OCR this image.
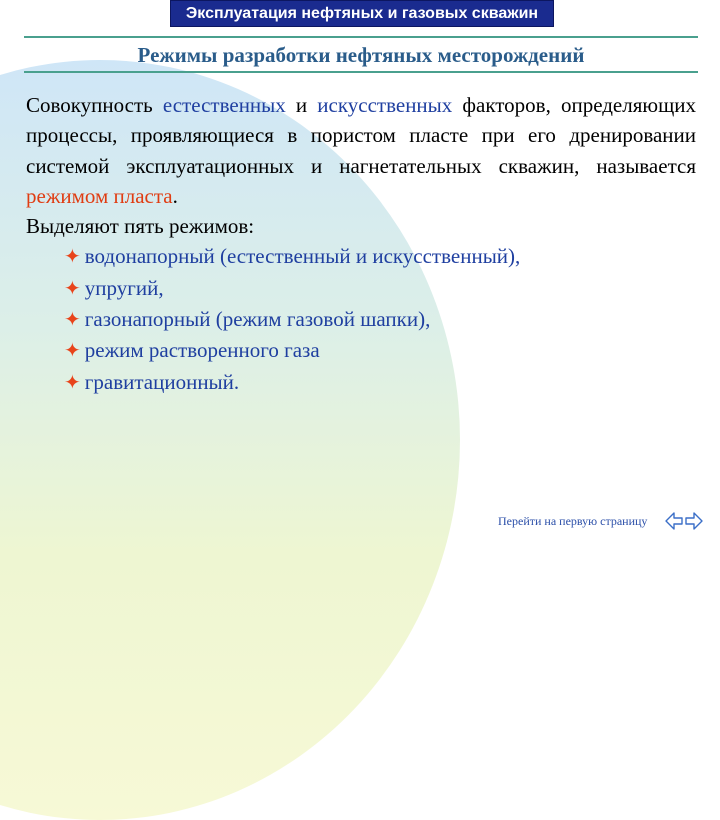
Эксплуатация нефтяных и газовых скважин
Режимы разработки нефтяных месторождений

Совокупность естественных и искусственных факторов, определяющих процессы, проявляющиеся в пористом пласте при его дренировании системой эксплуатационных и нагнетательных скважин, называется режимом пласта.

Выделяют пять режимов:

✦ водонапорный (естественный и искусственный),
✦ упругий,
✦ газонапорный (режим газовой шапки),
✦ режим растворенного газа
✦ гравитационный.
Перейти на первую страницу
